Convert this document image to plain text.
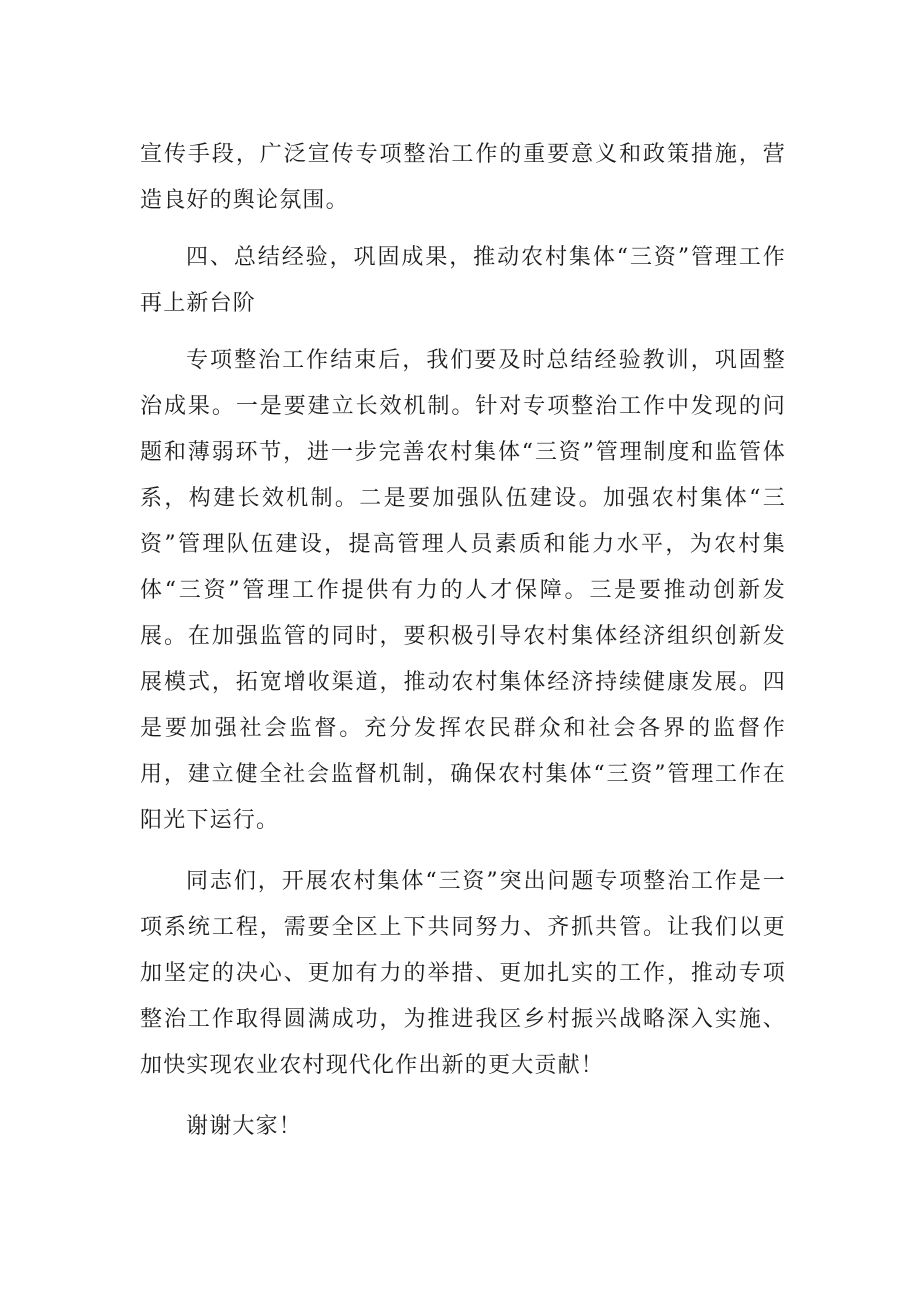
宣传手段，广泛宣传专项整治工作的重要意义和政策措施，营造良好的舆论氛围。

四、总结经验，巩固成果，推动农村集体“三资”管理工作再上新台阶

专项整治工作结束后，我们要及时总结经验教训，巩固整治成果。一是要建立长效机制。针对专项整治工作中发现的问题和薄弱环节，进一步完善农村集体“三资”管理制度和监管体系，构建长效机制。二是要加强队伍建设。加强农村集体“三资”管理队伍建设，提高管理人员素质和能力水平，为农村集体“三资”管理工作提供有力的人才保障。三是要推动创新发展。在加强监管的同时，要积极引导农村集体经济组织创新发展模式，拓宽增收渠道，推动农村集体经济持续健康发展。四是要加强社会监督。充分发挥农民群众和社会各界的监督作用，建立健全社会监督机制，确保农村集体“三资”管理工作在阳光下运行。

同志们，开展农村集体“三资”突出问题专项整治工作是一项系统工程，需要全区上下共同努力、齐抓共管。让我们以更加坚定的决心、更加有力的举措、更加扎实的工作，推动专项整治工作取得圆满成功，为推进我区乡村振兴战略深入实施、加快实现农业农村现代化作出新的更大贡献！

谢谢大家！
